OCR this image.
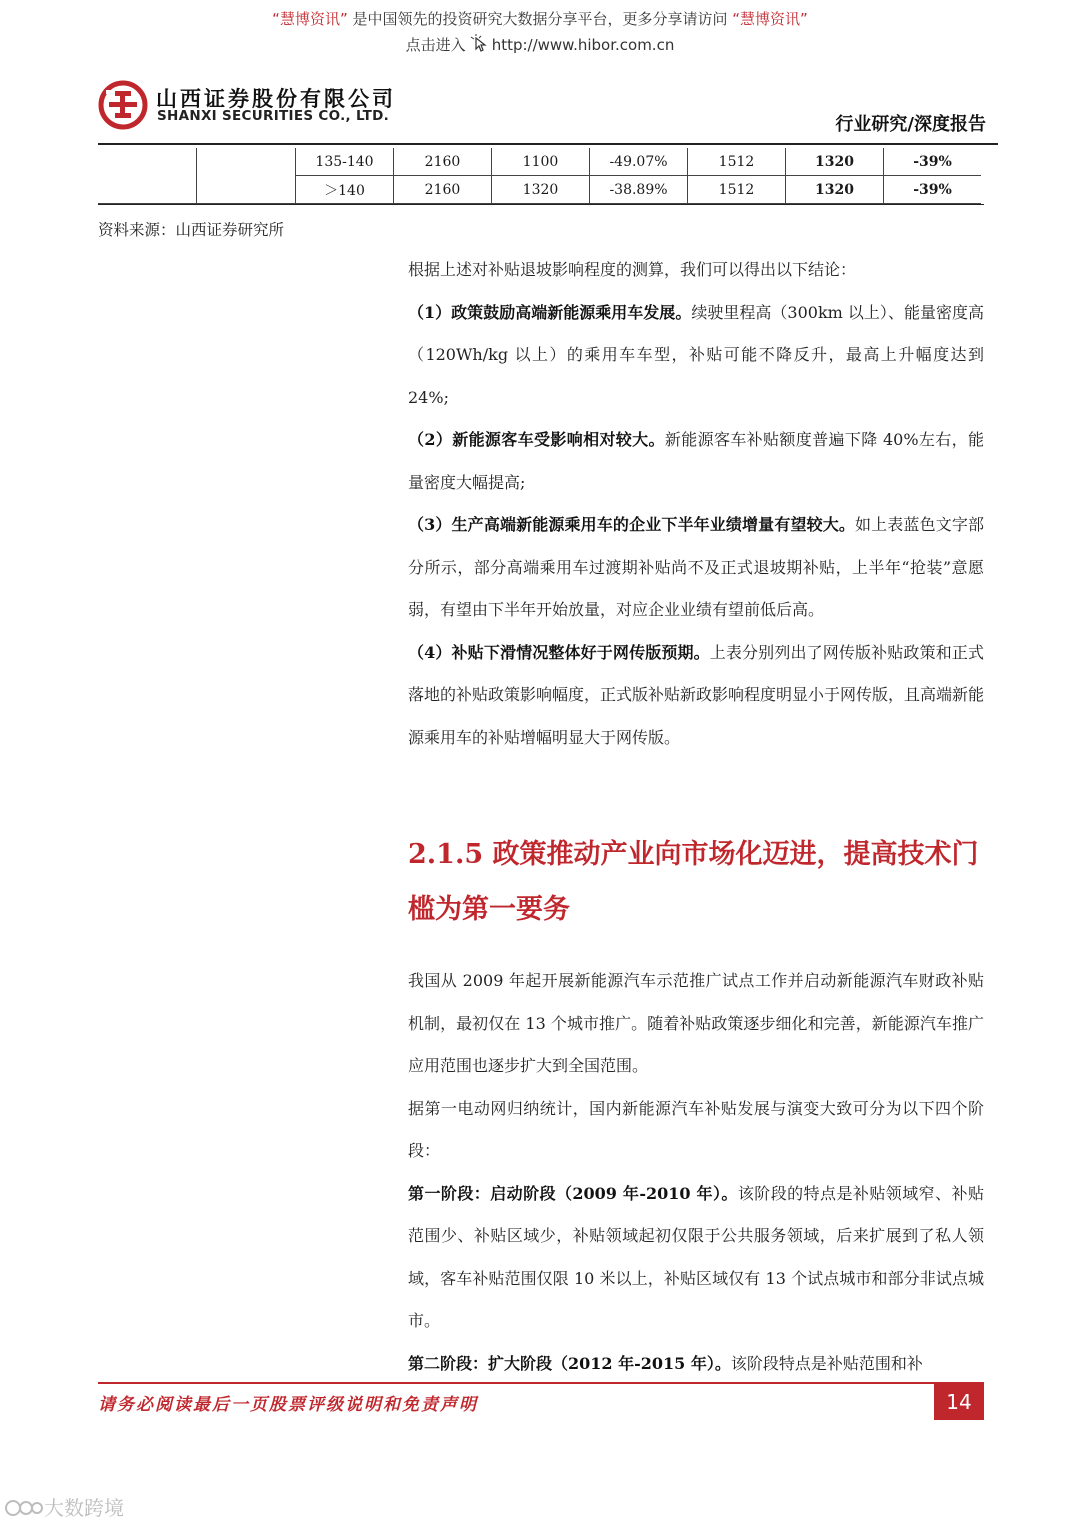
“慧博资讯” 是中国领先的投资研究大数据分享平台，更多分享请访问 “慧博资讯”
点击进入 http://www.hibor.com.cn
山西证券股份有限公司
SHANXI SECURITIES CO., LTD.	行业研究/深度报告
		135-140	2160	1100	-49.07%	1512	1320	-39%
		＞140	2160	1320	-38.89%	1512	1320	-39%
资料来源：山西证券研究所

根据上述对补贴退坡影响程度的测算，我们可以得出以下结论：

（1）政策鼓励高端新能源乘用车发展。续驶里程高（300km 以上）、能量密度高（120Wh/kg 以上）的乘用车车型，补贴可能不降反升，最高上升幅度达到 24%;

（2）新能源客车受影响相对较大。新能源客车补贴额度普遍下降 40%左右，能量密度大幅提高;

（3）生产高端新能源乘用车的企业下半年业绩增量有望较大。如上表蓝色文字部分所示，部分高端乘用车过渡期补贴尚不及正式退坡期补贴，上半年“抢装”意愿弱，有望由下半年开始放量，对应企业业绩有望前低后高。

（4）补贴下滑情况整体好于网传版预期。上表分别列出了网传版补贴政策和正式落地的补贴政策影响幅度，正式版补贴新政影响程度明显小于网传版，且高端新能源乘用车的补贴增幅明显大于网传版。

2.1.5 政策推动产业向市场化迈进，提高技术门槛为第一要务

我国从 2009 年起开展新能源汽车示范推广试点工作并启动新能源汽车财政补贴机制，最初仅在 13 个城市推广。随着补贴政策逐步细化和完善，新能源汽车推广应用范围也逐步扩大到全国范围。

据第一电动网归纳统计，国内新能源汽车补贴发展与演变大致可分为以下四个阶段：

第一阶段：启动阶段（2009 年-2010 年）。该阶段的特点是补贴领域窄、补贴范围少、补贴区域少，补贴领域起初仅限于公共服务领域，后来扩展到了私人领域，客车补贴范围仅限 10 米以上，补贴区域仅有 13 个试点城市和部分非试点城市。

第二阶段：扩大阶段（2012 年-2015 年）。该阶段特点是补贴范围和补

请务必阅读最后一页股票评级说明和免责声明	14
大数跨境
